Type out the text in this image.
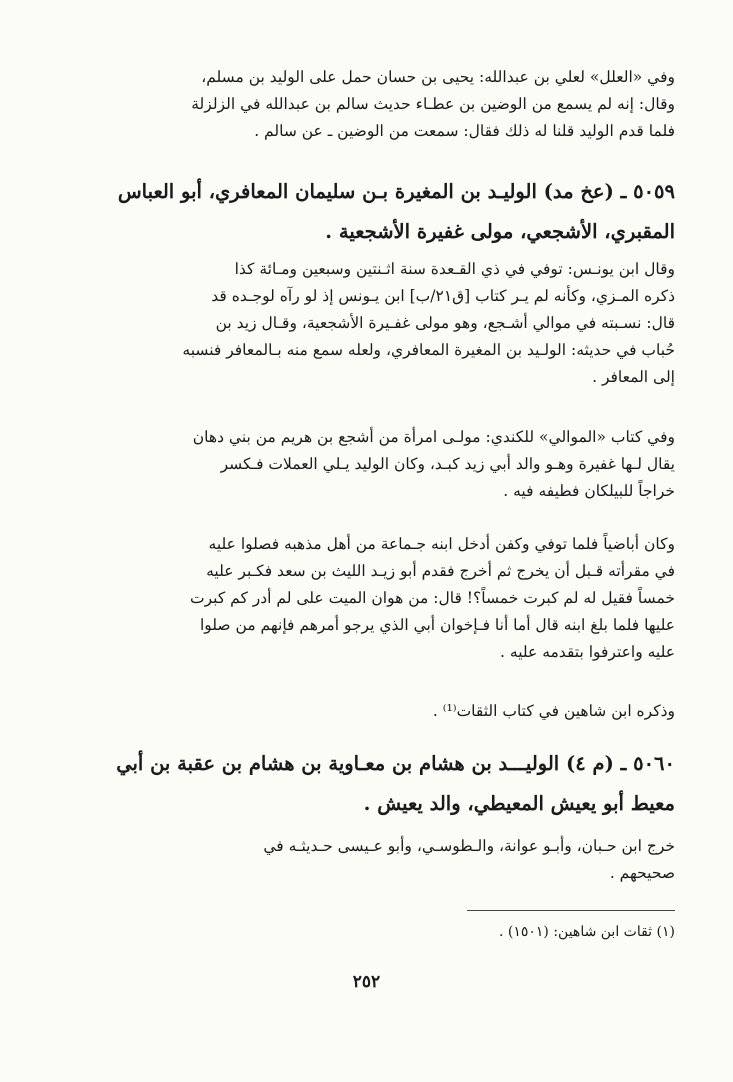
وفي «العلل» لعلي بن عبدالله: يحيى بن حسان حمل على الوليد بن مسلم،
وقال: إنه لم يسمع من الوضين بن عطـاء حديث سالم بن عبدالله في الزلزلة
فلما قدم الوليد قلنا له ذلك فقال: سمعت من الوضين ـ عن سالم .
٥٠٥٩ ـ (عخ مد) الوليـد بن المغيرة بـن سليمان المعافري، أبو العباس
المقبري، الأشجعي، مولى غفيرة الأشجعية .
وقال ابن يونـس: توفي في ذي القـعدة سنة اثـنتين وسبعين ومـائة كذا
ذكره المـزي، وكأنه لم يـر كتاب [ق٢١/ب] ابن يـونس إذ لو رآه لوجـده قد
قال: نسـبته في موالي أشـجع، وهو مولى غفـيرة الأشجعية، وقـال زيد بن
حُباب في حديثه: الولـيد بن المغيرة المعافري، ولعله سمع منه بـالمعافر فنسبه
إلى المعافر .
وفي كتاب «الموالي» للكندي: مولـى امرأة من أشجع بن هريم من بني دهان
يقال لـها غفيرة وهـو والد أبي زيد كبـد، وكان الوليد يـلي العملات فـكسر
خراجاً للبيلكان فطيفه فيه .
وكان أباضياً فلما توفي وكفن أدخل ابنه جـماعة من أهل مذهبه فصلوا عليه
في مقرأته قـبل أن يخرج ثم أخرج فقدم أبو زيـد الليث بن سعد فكـبر عليه
خمساً فقيل له لم كبرت خمساً؟! قال: من هوان الميت على لم أدر كم كبرت
عليها فلما بلغ ابنه قال أما أنا فـإخوان أبي الذي يرجو أمرهم فإنهم من صلوا
عليه واعترفوا بتقدمه عليه .
وذكره ابن شاهين في كتاب الثقات⁽¹⁾ .
٥٠٦٠ ـ (م ٤) الوليـــد بن هشام بن معـاوية بن هشام بن عقبة بن أبي
معيط أبو يعيش المعيطي، والد يعيش .
خرج ابن حـبان، وأبـو عوانة، والـطوسـي، وأبو عـيسى حـديثـه في
صحيحهم .
(١) ثقات ابن شاهين: (١٥٠١) .
٢٥٢
